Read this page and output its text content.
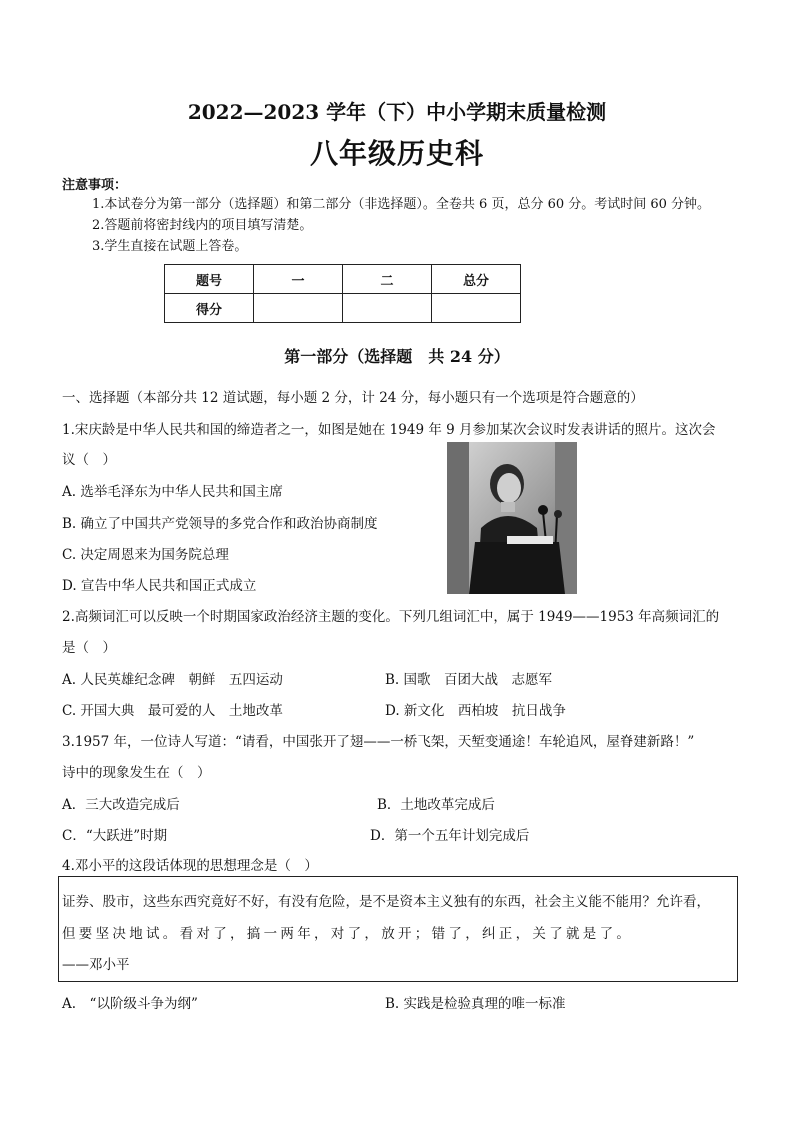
2022—2023 学年（下）中小学期末质量检测
八年级历史科
注意事项：
1.本试卷分为第一部分（选择题）和第二部分（非选择题）。全卷共 6 页，总分 60 分。考试时间 60 分钟。
2.答题前将密封线内的项目填写清楚。
3.学生直接在试题上答卷。
题号	一	二	总分
得分			
第一部分（选择题　共 24 分）
一、选择题（本部分共 12 道试题，每小题 2 分，计 24 分，每小题只有一个选项是符合题意的）
1.宋庆龄是中华人民共和国的缔造者之一，如图是她在 1949 年 9 月参加某次会议时发表讲话的照片。这次会
议（　）
A. 选举毛泽东为中华人民共和国主席
B. 确立了中国共产党领导的多党合作和政治协商制度
C. 决定周恩来为国务院总理
D. 宣告中华人民共和国正式成立
2.高频词汇可以反映一个时期国家政治经济主题的变化。下列几组词汇中，属于 1949——1953 年高频词汇的
是（　）
A. 人民英雄纪念碑　朝鲜　五四运动	B. 国歌　百团大战　志愿军
C. 开国大典　最可爱的人　土地改革	D. 新文化　西柏坡　抗日战争
3.1957 年，一位诗人写道：“请看，中国张开了翅——一桥飞架，天堑变通途！车轮追风，屋脊建新路！”
诗中的现象发生在（　）
A．三大改造完成后	B．土地改革完成后
C．“大跃进”时期	D．第一个五年计划完成后
4.邓小平的这段话体现的思想理念是（　）
证券、股市，这些东西究竟好不好，有没有危险，是不是资本主义独有的东西，社会主义能不能用？允许看，
但要坚决地试。看对了，搞一两年，对了，放开；错了，纠正，关了就是了。
——邓小平
A.　“以阶级斗争为纲”	B. 实践是检验真理的唯一标准
